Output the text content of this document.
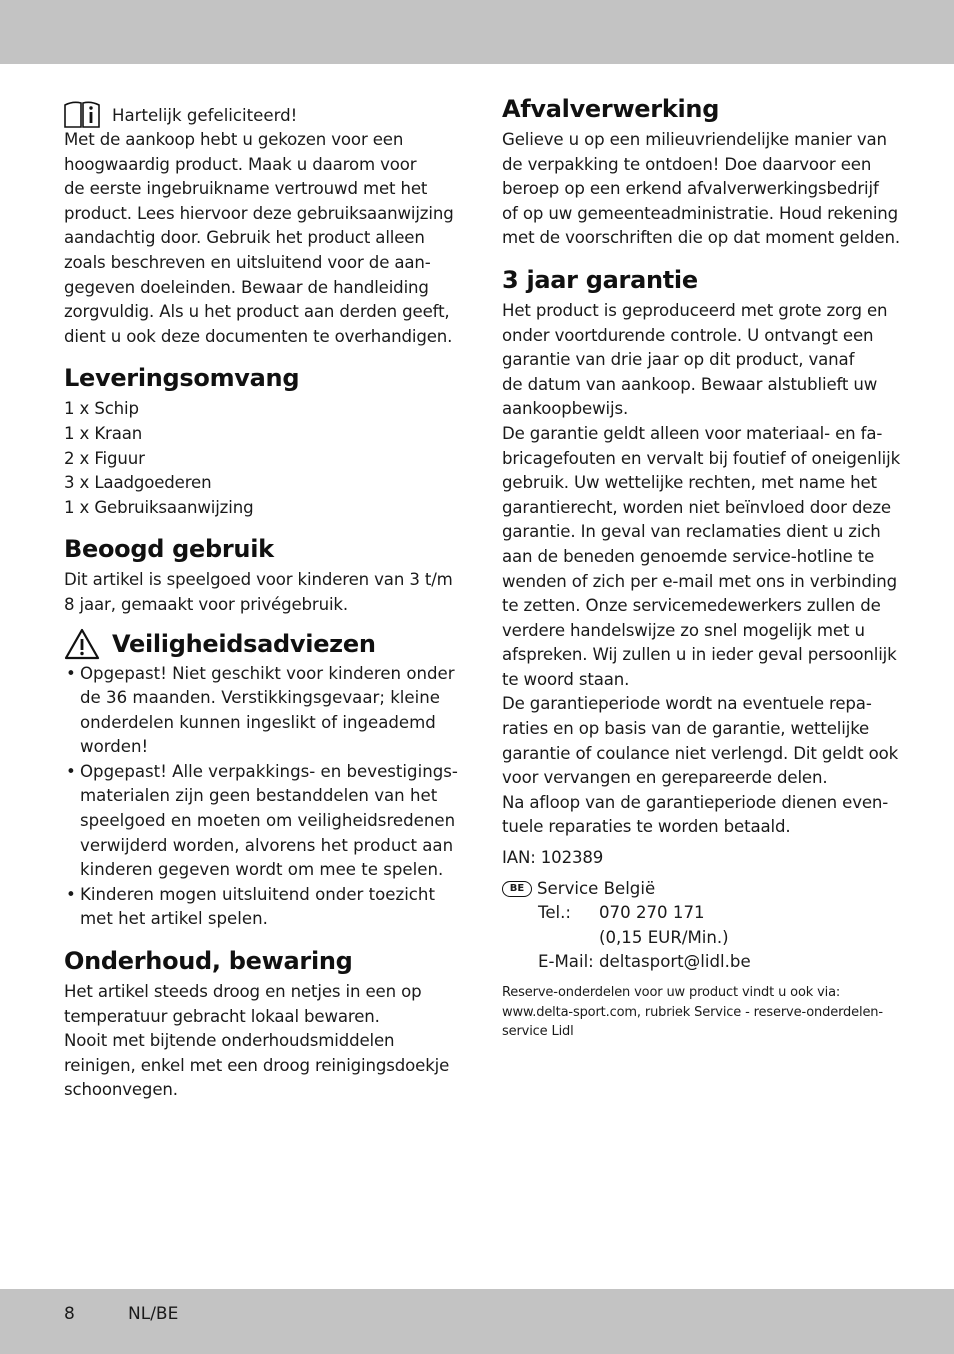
Hartelijk gefeliciteerd!

Met de aankoop hebt u gekozen voor een
hoogwaardig product. Maak u daarom voor
de eerste ingebruikname vertrouwd met het
product. Lees hiervoor deze gebruiksaanwijzing
aandachtig door. Gebruik het product alleen
zoals beschreven en uitsluitend voor de aan-
gegeven doeleinden. Bewaar de handleiding
zorgvuldig. Als u het product aan derden geeft,
dient u ook deze documenten te overhandigen.

Leveringsomvang

1 x Schip
1 x Kraan
2 x Figuur
3 x Laadgoederen
1 x Gebruiksaanwijzing

Beoogd gebruik

Dit artikel is speelgoed voor kinderen van 3 t/m
8 jaar, gemaakt voor privégebruik.

Veiligheidsadviezen
• Opgepast! Niet geschikt voor kinderen onder
de 36 maanden. Verstikkingsgevaar; kleine
onderdelen kunnen ingeslikt of ingeademd
worden!
• Opgepast! Alle verpakkings- en bevestigings-
materialen zijn geen bestanddelen van het
speelgoed en moeten om veiligheidsredenen
verwijderd worden, alvorens het product aan
kinderen gegeven wordt om mee te spelen.
• Kinderen mogen uitsluitend onder toezicht
met het artikel spelen.
Onderhoud, bewaring

Het artikel steeds droog en netjes in een op
temperatuur gebracht lokaal bewaren.
Nooit met bijtende onderhoudsmiddelen
reinigen, enkel met een droog reinigingsdoekje
schoonvegen.

Afvalverwerking

Gelieve u op een milieuvriendelijke manier van
de verpakking te ontdoen! Doe daarvoor een
beroep op een erkend afvalverwerkingsbedrijf
of op uw gemeenteadministratie. Houd rekening
met de voorschriften die op dat moment gelden.

3 jaar garantie

Het product is geproduceerd met grote zorg en
onder voortdurende controle. U ontvangt een
garantie van drie jaar op dit product, vanaf
de datum van aankoop. Bewaar alstublieft uw
aankoopbewijs.
De garantie geldt alleen voor materiaal- en fa-
bricagefouten en vervalt bij foutief of oneigenlijk
gebruik. Uw wettelijke rechten, met name het
garantierecht, worden niet beïnvloed door deze
garantie. In geval van reclamaties dient u zich
aan de beneden genoemde service-hotline te
wenden of zich per e-mail met ons in verbinding
te zetten. Onze servicemedewerkers zullen de
verdere handelswijze zo snel mogelijk met u
afspreken. Wij zullen u in ieder geval persoonlijk
te woord staan.
De garantieperiode wordt na eventuele repa-
raties en op basis van de garantie, wettelijke
garantie of coulance niet verlengd. Dit geldt ook
voor vervangen en gerepareerde delen.
Na afloop van de garantieperiode dienen even-
tuele reparaties te worden betaald.

IAN: 102389

BE Service België
Tel.:	070 270 171
(0,15 EUR/Min.)
E-Mail: deltasport@lidl.be

Reserve-onderdelen voor uw product vindt u ook via:
www.delta-sport.com, rubriek Service - reserve-onderdelen-
service Lidl

8	NL/BE
